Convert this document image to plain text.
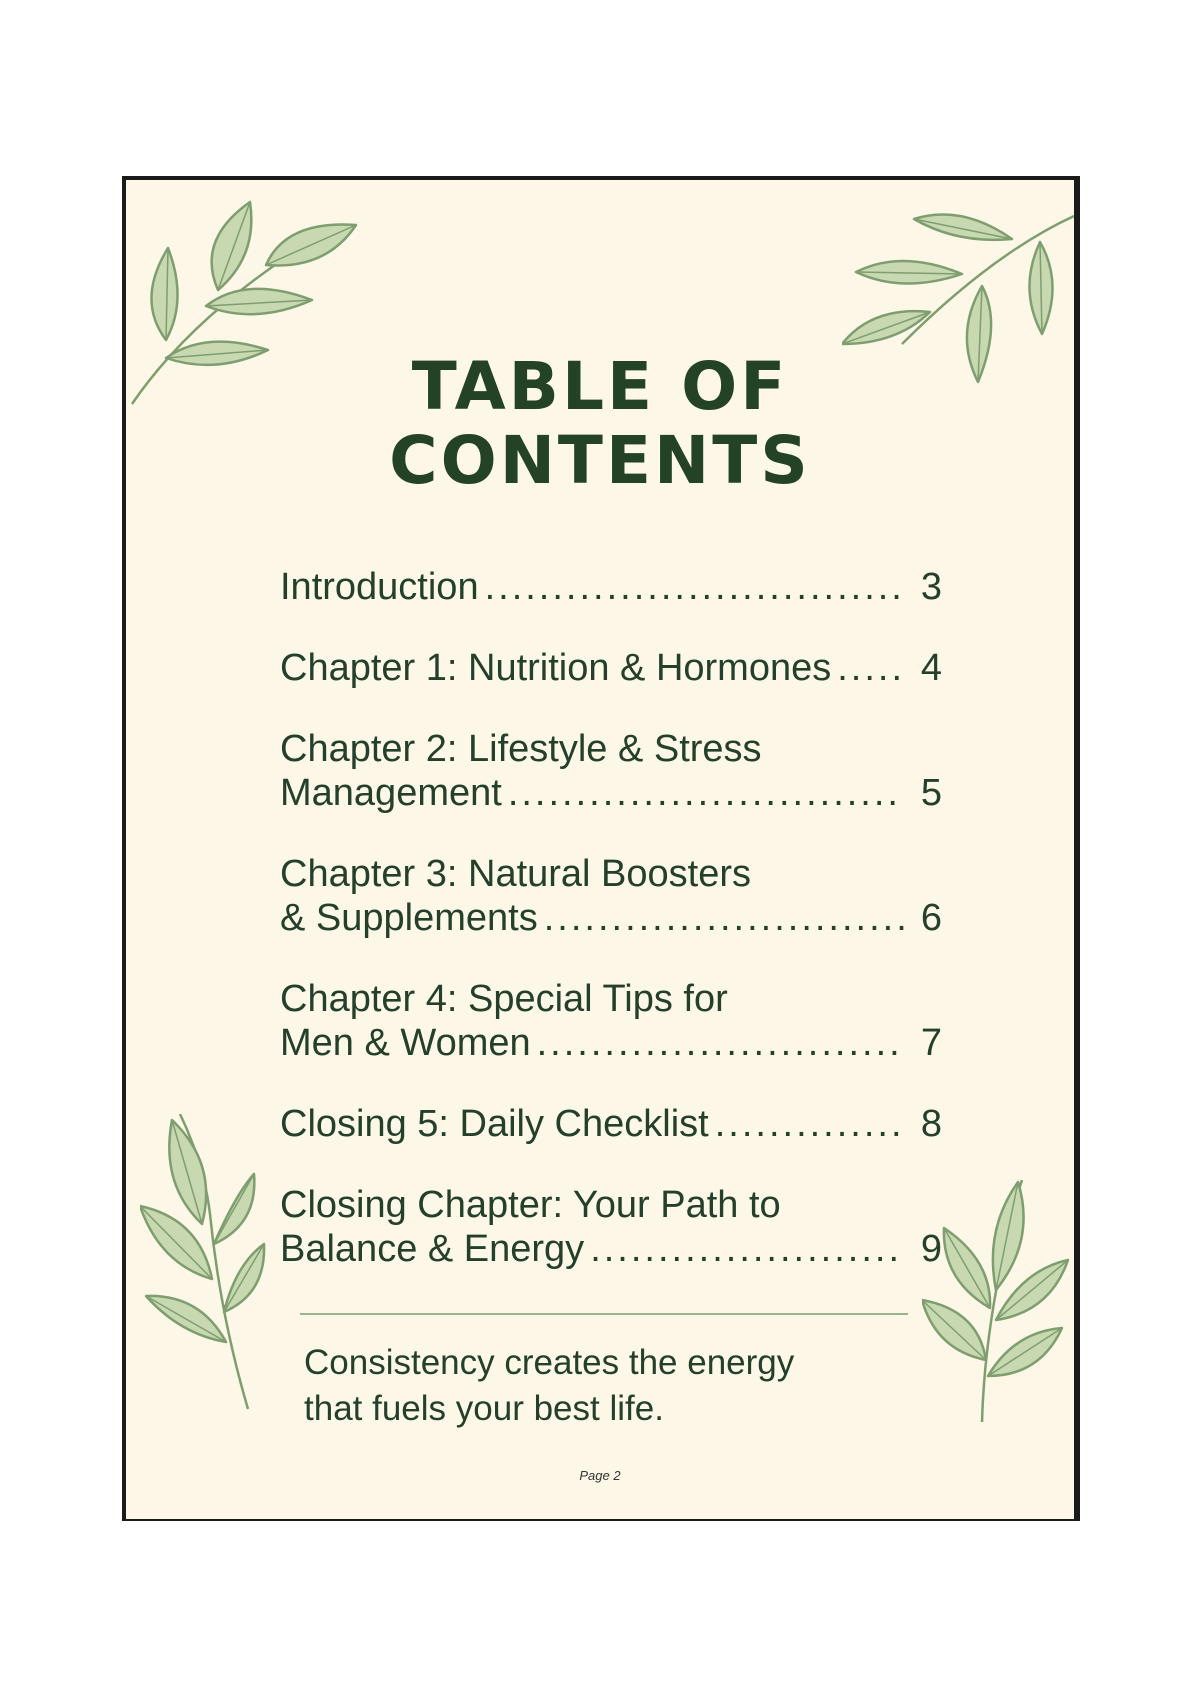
TABLE OF
CONTENTS
Introduction .....	3
Chapter 1: Nutrition & Hormones ..... 4
Chapter 2: Lifestyle & Stress
Management .....	5
Chapter 3: Natural Boosters
& Supplements .....	6
Chapter 4: Special Tips for
Men & Women .....	7
Closing 5: Daily Checklist .....	8
Closing Chapter: Your Path to
Balance & Energy .....	9
Consistency creates the energy
that fuels your best life.
Page 2
